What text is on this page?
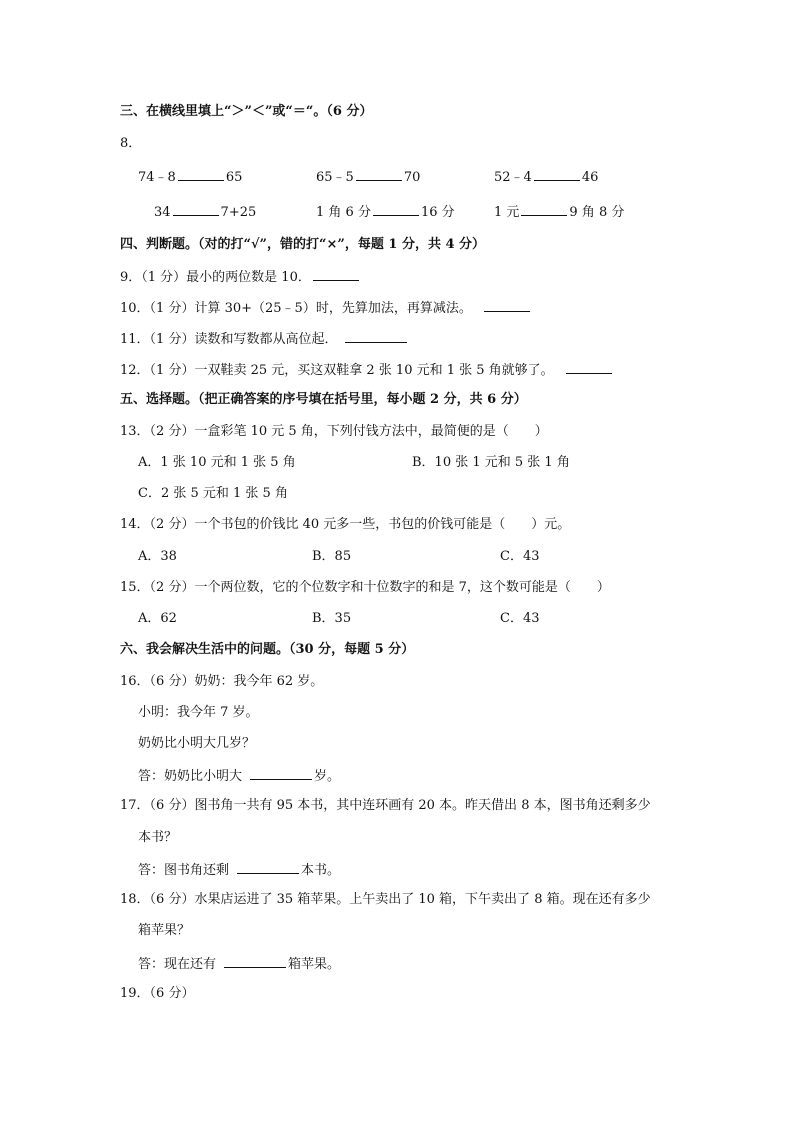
三、在横线里填上“＞”＜”或“＝“。（6 分）
8．
74﹣8	65	65﹣5	70	52﹣4	46
34	7+25	1 角 6 分	16 分	1 元	9 角 8 分
四、判断题。（对的打“√”，错的打“×”，每题 1 分，共 4 分）
9．（1 分）最小的两位数是 10．
10．（1 分）计算 30+（25﹣5）时，先算加法，再算减法。
11．（1 分）读数和写数都从高位起．
12．（1 分）一双鞋卖 25 元，买这双鞋拿 2 张 10 元和 1 张 5 角就够了。
五、选择题。（把正确答案的序号填在括号里，每小题 2 分，共 6 分）
13．（2 分）一盒彩笔 10 元 5 角，下列付钱方法中，最简便的是（　　）
A．1 张 10 元和 1 张 5 角	B．10 张 1 元和 5 张 1 角
C．2 张 5 元和 1 张 5 角
14．（2 分）一个书包的价钱比 40 元多一些，书包的价钱可能是（　　）元。
A．38	B．85	C．43
15．（2 分）一个两位数，它的个位数字和十位数字的和是 7，这个数可能是（　　）
A．62	B．35	C．43
六、我会解决生活中的问题。（30 分，每题 5 分）
16．（6 分）奶奶：我今年 62 岁。
小明：我今年 7 岁。
奶奶比小明大几岁？
答：奶奶比小明大	岁。
17．（6 分）图书角一共有 95 本书，其中连环画有 20 本。昨天借出 8 本，图书角还剩多少
本书？
答：图书角还剩	本书。
18．（6 分）水果店运进了 35 箱苹果。上午卖出了 10 箱，下午卖出了 8 箱。现在还有多少
箱苹果？
答：现在还有	箱苹果。
19．（6 分）
